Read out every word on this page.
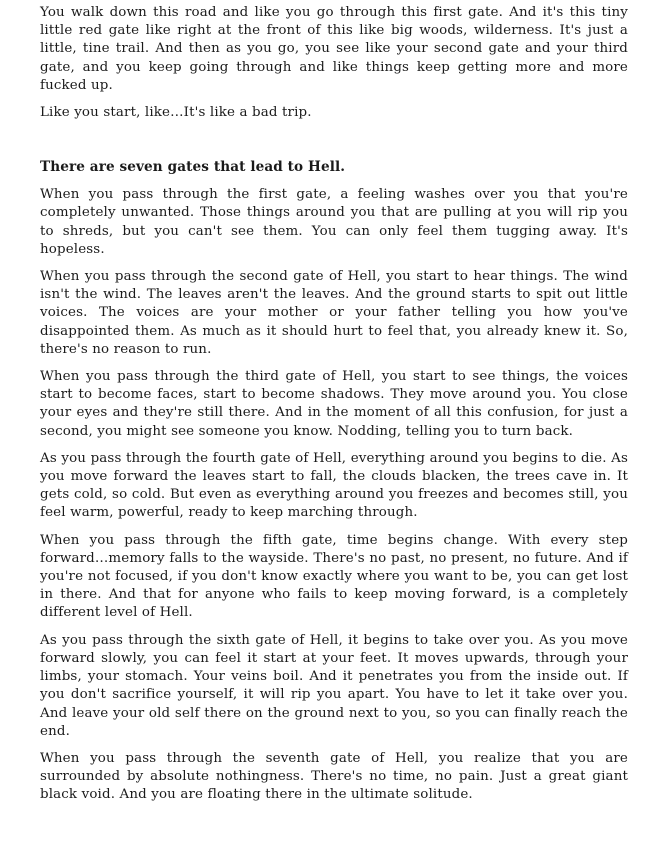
You walk down this road and like you go through this first gate. And it's this tiny little red gate like right at the front of this like big woods, wilderness. It's just a little, tine trail. And then as you go, you see like your second gate and your third gate, and you keep going through and like things keep getting more and more fucked up.

Like you start, like…It's like a bad trip.

There are seven gates that lead to Hell.

When you pass through the first gate, a feeling washes over you that you're completely unwanted. Those things around you that are pulling at you will rip you to shreds, but you can't see them. You can only feel them tugging away. It's hopeless.

When you pass through the second gate of Hell, you start to hear things. The wind isn't the wind. The leaves aren't the leaves. And the ground starts to spit out little voices. The voices are your mother or your father telling you how you've disappointed them. As much as it should hurt to feel that, you already knew it. So, there's no reason to run.

When you pass through the third gate of Hell, you start to see things, the voices start to become faces, start to become shadows. They move around you. You close your eyes and they're still there. And in the moment of all this confusion, for just a second, you might see someone you know. Nodding, telling you to turn back.

As you pass through the fourth gate of Hell, everything around you begins to die. As you move forward the leaves start to fall, the clouds blacken, the trees cave in. It gets cold, so cold. But even as everything around you freezes and becomes still, you feel warm, powerful, ready to keep marching through.

When you pass through the fifth gate, time begins change. With every step forward…memory falls to the wayside. There's no past, no present, no future. And if you're not focused, if you don't know exactly where you want to be, you can get lost in there. And that for anyone who fails to keep moving forward, is a completely different level of Hell.

As you pass through the sixth gate of Hell, it begins to take over you. As you move forward slowly, you can feel it start at your feet. It moves upwards, through your limbs, your stomach. Your veins boil. And it penetrates you from the inside out. If you don't sacrifice yourself, it will rip you apart. You have to let it take over you. And leave your old self there on the ground next to you, so you can finally reach the end.

When you pass through the seventh gate of Hell, you realize that you are surrounded by absolute nothingness. There's no time, no pain. Just a great giant black void. And you are floating there in the ultimate solitude.
